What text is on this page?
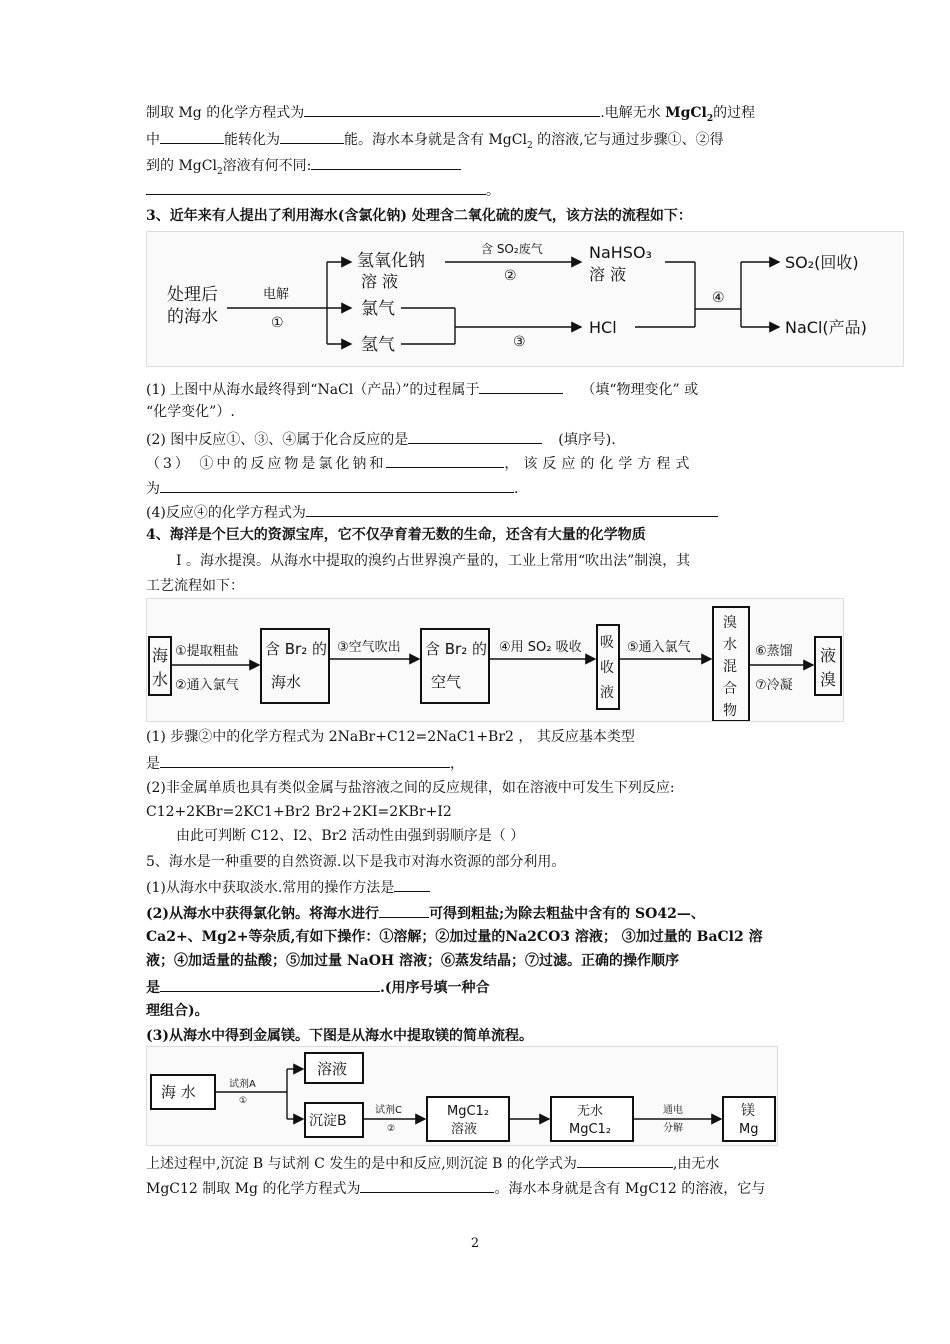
制取 Mg 的化学方程式为	.电解无水 MgCl$_2$的过程
中	能转化为	能。海水本身就是含有 MgCl$_2$ 的溶液,它与通过步骤①、②得
到的 MgCl$_2$溶液有何不同:
。
3、近年来有人提出了利用海水(含氯化钠) 处理含二氧化硫的废气，该方法的流程如下：
处理后
的海水
电解
①
氢氧化钠
溶 液
氯气
氢气
含 SO₂废气
②
NaHSO₃
溶 液
③
HCl
④
SO₂(回收)
NaCl(产品)
(1) 上图中从海水最终得到“NaCl（产品）”的过程属于	（填“物理变化” 或
“化学变化”）.
(2) 图中反应①、③、④属于化合反应的是	(填序号).
（3） ①中的反应物是氯化钠和	，该反应的化学方程式
为	.
(4)反应④的化学方程式为
4、海洋是个巨大的资源宝库，它不仅孕育着无数的生命，还含有大量的化学物质
Ⅰ 。海水提溴。从海水中提取的溴约占世界溴产量的，工业上常用“吹出法”制溴，其
工艺流程如下：
海
水
①提取粗盐
②通入氯气
含 Br₂ 的
海水
③空气吹出 含 Br₂ 的
空气
④用 SO₂ 吸收 吸
收
液
⑤通入氯气
溴
水
混
合
物
⑥蒸馏
⑦冷凝
液
溴
(1) 步骤②中的化学方程式为 2NaBr+C12=2NaC1+Br2 ， 其反应基本类型
是	，
(2)非金属单质也具有类似金属与盐溶液之间的反应规律，如在溶液中可发生下列反应:
C12+2KBr=2KC1+Br2 Br2+2KI=2KBr+I2
由此可判断 C12、I2、Br2 活动性由强到弱顺序是（ ）
5、海水是一种重要的自然资源.以下是我市对海水资源的部分利用。
(1)从海水中获取淡水.常用的操作方法是
(2)从海水中获得氯化钠。将海水进行	可得到粗盐;为除去粗盐中含有的 SO42—、
Ca2+、Mg2+等杂质,有如下操作：①溶解；②加过量的Na2CO3 溶液； ③加过量的 BaCl2 溶
液；④加适量的盐酸；⑤加过量 NaOH 溶液；⑥蒸发结晶；⑦过滤。正确的操作顺序
是	.(用序号填一种合
理组合)。
(3)从海水中得到金属镁。下图是从海水中提取镁的简单流程。
海 水	试剂A
①
溶液
沉淀B
试剂C
②
MgC1₂
溶液
无水
MgC1₂
通电
分解
镁
Mg
上述过程中,沉淀 B 与试剂 C 发生的是中和反应,则沉淀 B 的化学式为	,由无水
MgC12 制取 Mg 的化学方程式为	。海水本身就是含有 MgC12 的溶液，它与
2
